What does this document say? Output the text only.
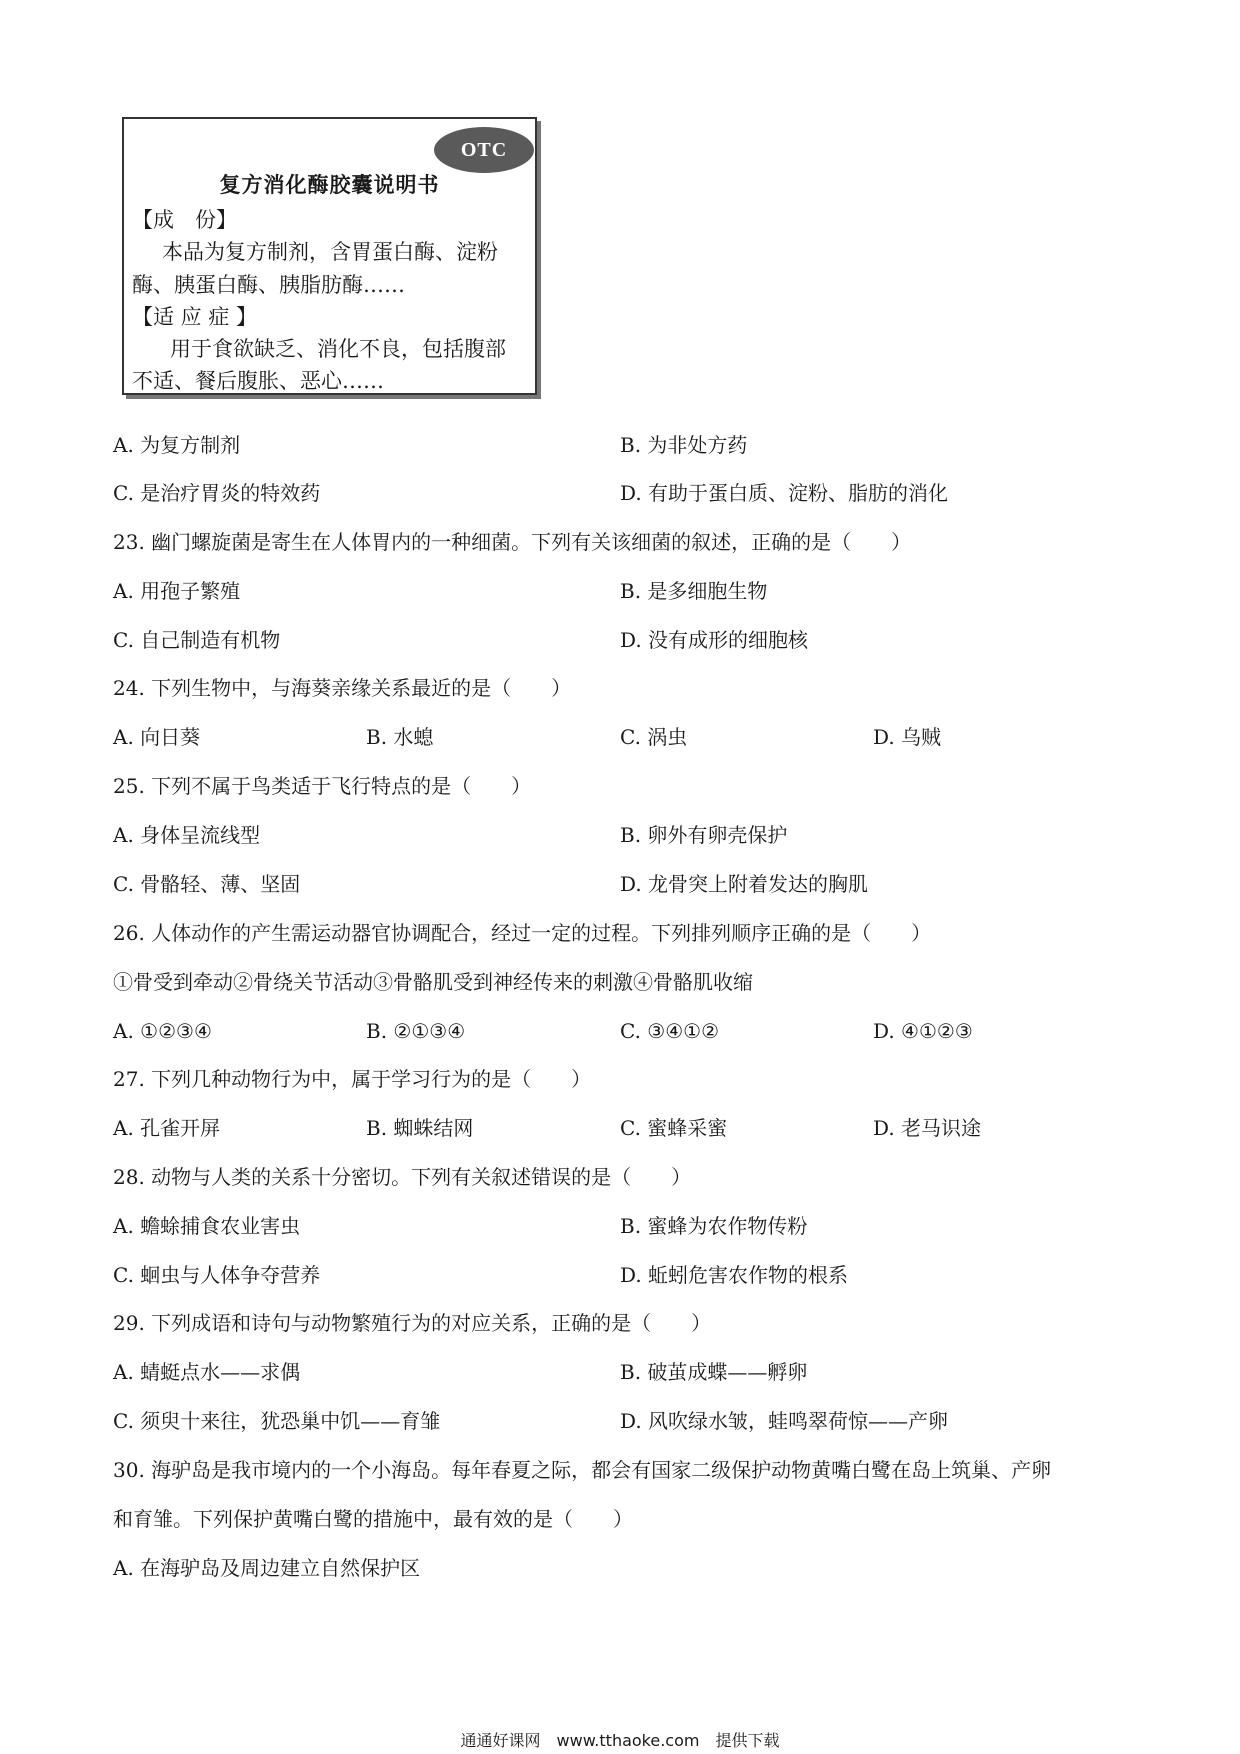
OTC
复方消化酶胶囊说明书
【成　份】
本品为复方制剂，含胃蛋白酶、淀粉
酶、胰蛋白酶、胰脂肪酶……
【适 应 症 】
用于食欲缺乏、消化不良，包括腹部
不适、餐后腹胀、恶心……
A. 为复方制剂	B. 为非处方药
C. 是治疗胃炎的特效药	D. 有助于蛋白质、淀粉、脂肪的消化
23. 幽门螺旋菌是寄生在人体胃内的一种细菌。下列有关该细菌的叙述，正确的是（　　）
A. 用孢子繁殖	B. 是多细胞生物
C. 自己制造有机物	D. 没有成形的细胞核
24. 下列生物中，与海葵亲缘关系最近的是（　　）
A. 向日葵	B. 水螅	C. 涡虫	D. 乌贼
25. 下列不属于鸟类适于飞行特点的是（　　）
A. 身体呈流线型	B. 卵外有卵壳保护
C. 骨骼轻、薄、坚固	D. 龙骨突上附着发达的胸肌
26. 人体动作的产生需运动器官协调配合，经过一定的过程。下列排列顺序正确的是（　　）
①骨受到牵动②骨绕关节活动③骨骼肌受到神经传来的刺激④骨骼肌收缩
A. ①②③④	B. ②①③④	C. ③④①②	D. ④①②③
27. 下列几种动物行为中，属于学习行为的是（　　）
A. 孔雀开屏	B. 蜘蛛结网	C. 蜜蜂采蜜	D. 老马识途
28. 动物与人类的关系十分密切。下列有关叙述错误的是（　　）
A. 蟾蜍捕食农业害虫	B. 蜜蜂为农作物传粉
C. 蛔虫与人体争夺营养	D. 蚯蚓危害农作物的根系
29. 下列成语和诗句与动物繁殖行为的对应关系，正确的是（　　）
A. 蜻蜓点水——求偶	B. 破茧成蝶——孵卵
C. 须臾十来往，犹恐巢中饥——育雏	D. 风吹绿水皱，蛙鸣翠荷惊——产卵
30. 海驴岛是我市境内的一个小海岛。每年春夏之际，都会有国家二级保护动物黄嘴白鹭在岛上筑巢、产卵
和育雏。下列保护黄嘴白鹭的措施中，最有效的是（　　）
A. 在海驴岛及周边建立自然保护区
通通好课网　www.tthaoke.com　提供下载
